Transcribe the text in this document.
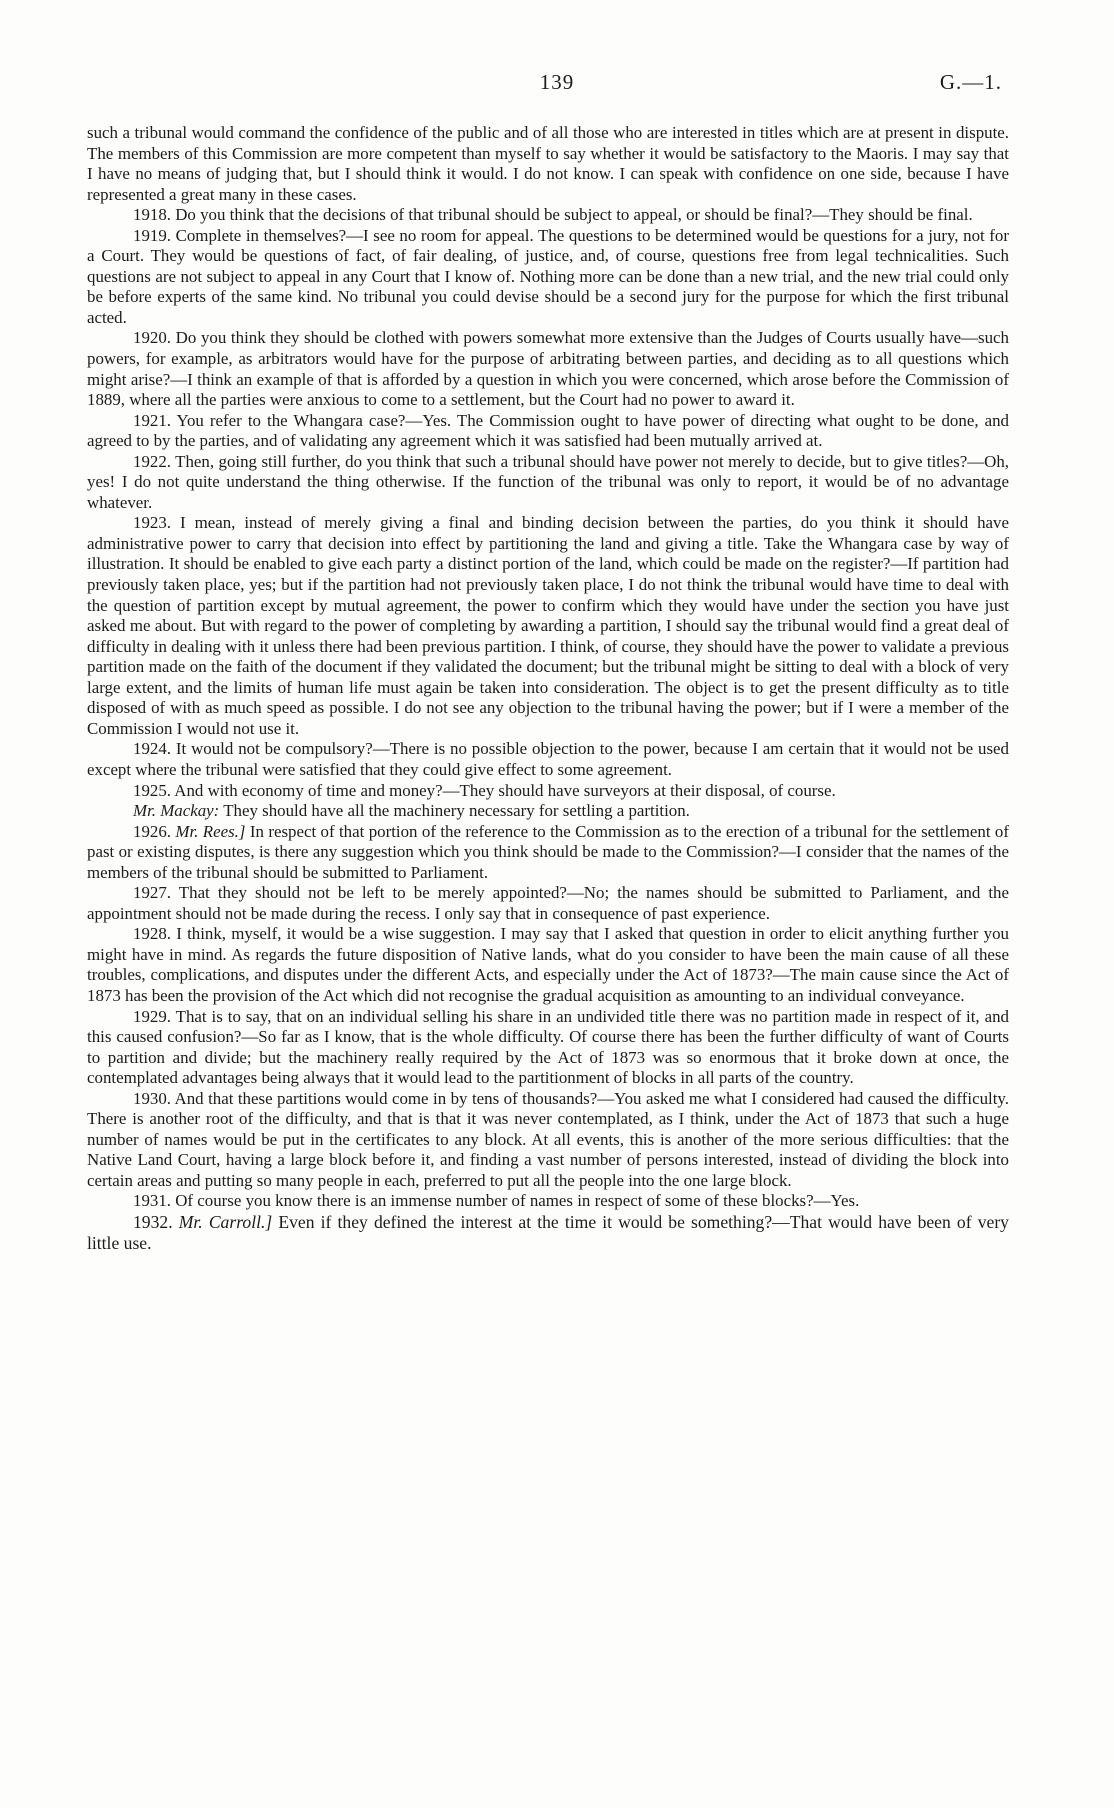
139	G.—1.

such a tribunal would command the confidence of the public and of all those who are interested in titles which are at present in dispute. The members of this Commission are more competent than myself to say whether it would be satisfactory to the Maoris. I may say that I have no means of judging that, but I should think it would. I do not know. I can speak with confidence on one side, because I have represented a great many in these cases.

1918. Do you think that the decisions of that tribunal should be subject to appeal, or should be final?—They should be final.

1919. Complete in themselves?—I see no room for appeal. The questions to be determined would be questions for a jury, not for a Court. They would be questions of fact, of fair dealing, of justice, and, of course, questions free from legal technicalities. Such questions are not subject to appeal in any Court that I know of. Nothing more can be done than a new trial, and the new trial could only be before experts of the same kind. No tribunal you could devise should be a second jury for the purpose for which the first tribunal acted.

1920. Do you think they should be clothed with powers somewhat more extensive than the Judges of Courts usually have—such powers, for example, as arbitrators would have for the purpose of arbitrating between parties, and deciding as to all questions which might arise?—I think an example of that is afforded by a question in which you were concerned, which arose before the Commission of 1889, where all the parties were anxious to come to a settlement, but the Court had no power to award it.

1921. You refer to the Whangara case?—Yes. The Commission ought to have power of directing what ought to be done, and agreed to by the parties, and of validating any agreement which it was satisfied had been mutually arrived at.

1922. Then, going still further, do you think that such a tribunal should have power not merely to decide, but to give titles?—Oh, yes! I do not quite understand the thing otherwise. If the function of the tribunal was only to report, it would be of no advantage whatever.

1923. I mean, instead of merely giving a final and binding decision between the parties, do you think it should have administrative power to carry that decision into effect by partitioning the land and giving a title. Take the Whangara case by way of illustration. It should be enabled to give each party a distinct portion of the land, which could be made on the register?—If partition had previously taken place, yes; but if the partition had not previously taken place, I do not think the tribunal would have time to deal with the question of partition except by mutual agreement, the power to confirm which they would have under the section you have just asked me about. But with regard to the power of completing by awarding a partition, I should say the tribunal would find a great deal of difficulty in dealing with it unless there had been previous partition. I think, of course, they should have the power to validate a previous partition made on the faith of the document if they validated the document; but the tribunal might be sitting to deal with a block of very large extent, and the limits of human life must again be taken into consideration. The object is to get the present difficulty as to title disposed of with as much speed as possible. I do not see any objection to the tribunal having the power; but if I were a member of the Commission I would not use it.

1924. It would not be compulsory?—There is no possible objection to the power, because I am certain that it would not be used except where the tribunal were satisfied that they could give effect to some agreement.

1925. And with economy of time and money?—They should have surveyors at their disposal, of course.

Mr. Mackay: They should have all the machinery necessary for settling a partition.

1926. Mr. Rees.] In respect of that portion of the reference to the Commission as to the erection of a tribunal for the settlement of past or existing disputes, is there any suggestion which you think should be made to the Commission?—I consider that the names of the members of the tribunal should be submitted to Parliament.

1927. That they should not be left to be merely appointed?—No; the names should be submitted to Parliament, and the appointment should not be made during the recess. I only say that in consequence of past experience.

1928. I think, myself, it would be a wise suggestion. I may say that I asked that question in order to elicit anything further you might have in mind. As regards the future disposition of Native lands, what do you consider to have been the main cause of all these troubles, complications, and disputes under the different Acts, and especially under the Act of 1873?—The main cause since the Act of 1873 has been the provision of the Act which did not recognise the gradual acquisition as amounting to an individual conveyance.

1929. That is to say, that on an individual selling his share in an undivided title there was no partition made in respect of it, and this caused confusion?—So far as I know, that is the whole difficulty. Of course there has been the further difficulty of want of Courts to partition and divide; but the machinery really required by the Act of 1873 was so enormous that it broke down at once, the contemplated advantages being always that it would lead to the partitionment of blocks in all parts of the country.

1930. And that these partitions would come in by tens of thousands?—You asked me what I considered had caused the difficulty. There is another root of the difficulty, and that is that it was never contemplated, as I think, under the Act of 1873 that such a huge number of names would be put in the certificates to any block. At all events, this is another of the more serious difficulties: that the Native Land Court, having a large block before it, and finding a vast number of persons interested, instead of dividing the block into certain areas and putting so many people in each, preferred to put all the people into the one large block.

1931. Of course you know there is an immense number of names in respect of some of these blocks?—Yes.

1932. Mr. Carroll.] Even if they defined the interest at the time it would be something?—That would have been of very little use.
